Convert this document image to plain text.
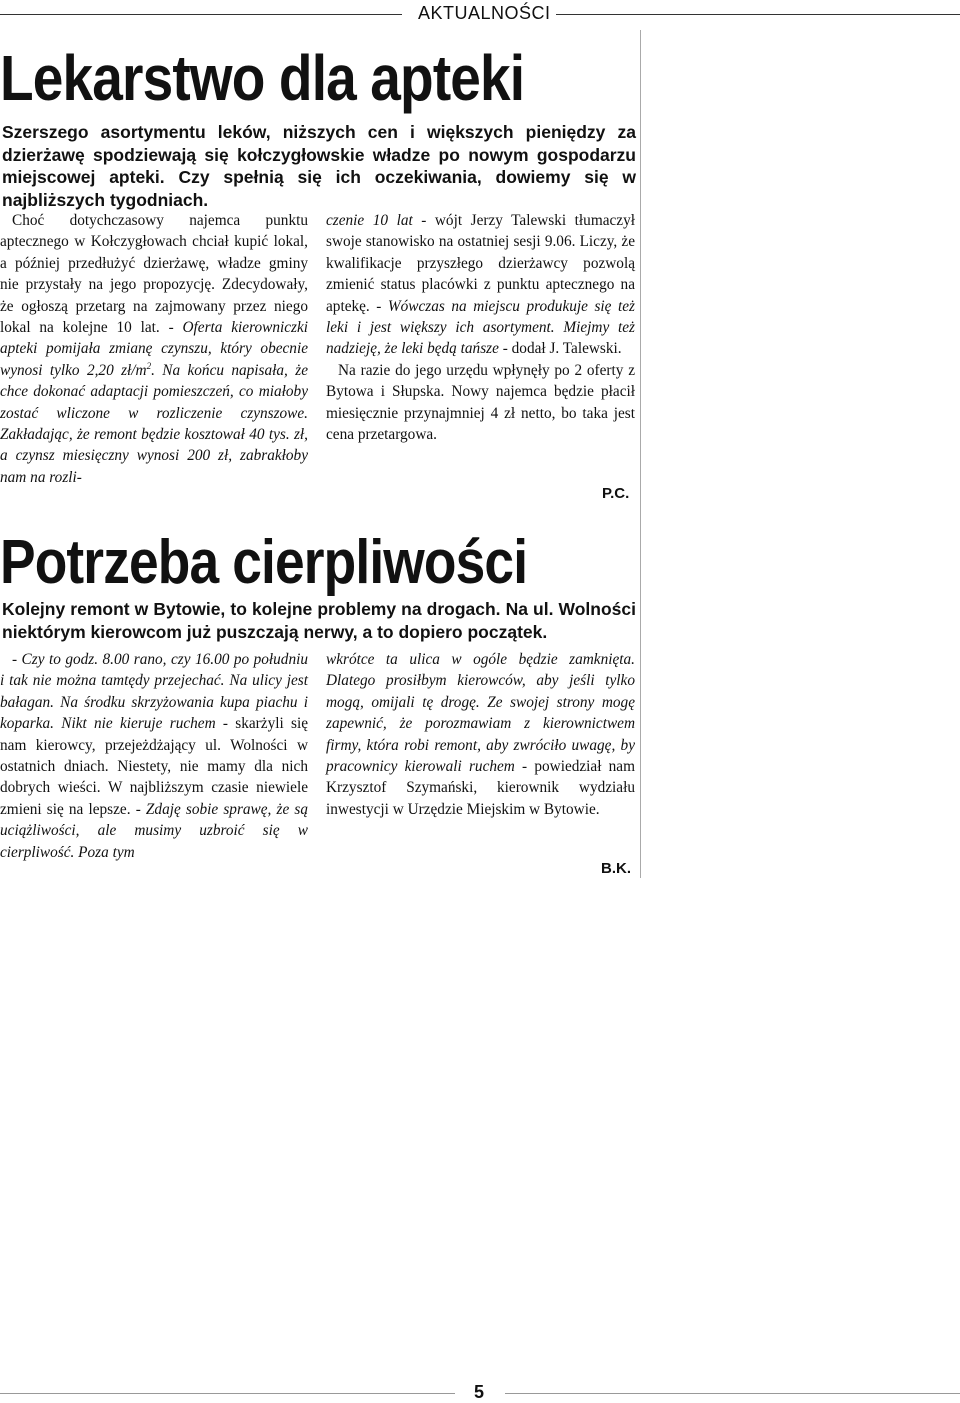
AKTUALNOŚCI
Lekarstwo dla apteki

Szerszego asortymentu leków, niższych cen i większych pieniędzy za dzierżawę spodziewają się kołczygłowskie władze po nowym gospodarzu miejscowej apteki. Czy spełnią się ich oczekiwania, dowiemy się w najbliższych tygodniach.

Choć dotychczasowy najemca punktu aptecznego w Kołczygłowach chciał kupić lokal, a później przedłużyć dzierżawę, władze gminy nie przystały na jego propozycję. Zdecydowały, że ogłoszą przetarg na zajmowany przez niego lokal na kolejne 10 lat. - Oferta kierowniczki apteki pomijała zmianę czynszu, który obecnie wynosi tylko 2,20 $zł/m^2$. Na końcu napisała, że chce dokonać adaptacji pomieszczeń, co miałoby zostać wliczone w rozliczenie czynszowe. Zakładając, że remont będzie kosztował 40 tys. zł, a czynsz miesięczny wynosi 200 zł, zabrakłoby nam na rozli-

czenie 10 lat - wójt Jerzy Talewski tłumaczył swoje stanowisko na ostatniej sesji 9.06. Liczy, że kwalifikacje przyszłego dzierżawcy pozwolą zmienić status placówki z punktu aptecznego na aptekę. - Wówczas na miejscu produkuje się też leki i jest większy ich asortyment. Miejmy też nadzieję, że leki będą tańsze - dodał J. Talewski.

Na razie do jego urzędu wpłynęły po 2 oferty z Bytowa i Słupska. Nowy najemca będzie płacił miesięcznie przynajmniej 4 zł netto, bo taka jest cena przetargowa.

P.C.
Potrzeba cierpliwości

Kolejny remont w Bytowie, to kolejne problemy na drogach. Na ul. Wolności niektórym kierowcom już puszczają nerwy, a to dopiero początek.

- Czy to godz. 8.00 rano, czy 16.00 po południu i tak nie można tamtędy przejechać. Na ulicy jest bałagan. Na środku skrzyżowania kupa piachu i koparka. Nikt nie kieruje ruchem - skarżyli się nam kierowcy, przejeżdżający ul. Wolności w ostatnich dniach. Niestety, nie mamy dla nich dobrych wieści. W najbliższym czasie niewiele zmieni się na lepsze. - Zdaję sobie sprawę, że są uciążliwości, ale musimy uzbroić się w cierpliwość. Poza tym

wkrótce ta ulica w ogóle będzie zamknięta. Dlatego prosiłbym kierowców, aby jeśli tylko mogą, omijali tę drogę. Ze swojej strony mogę zapewnić, że porozmawiam z kierownictwem firmy, która robi remont, aby zwróciło uwagę, by pracownicy kierowali ruchem - powiedział nam Krzysztof Szymański, kierownik wydziału inwestycji w Urzędzie Miejskim w Bytowie.

B.K.
5
